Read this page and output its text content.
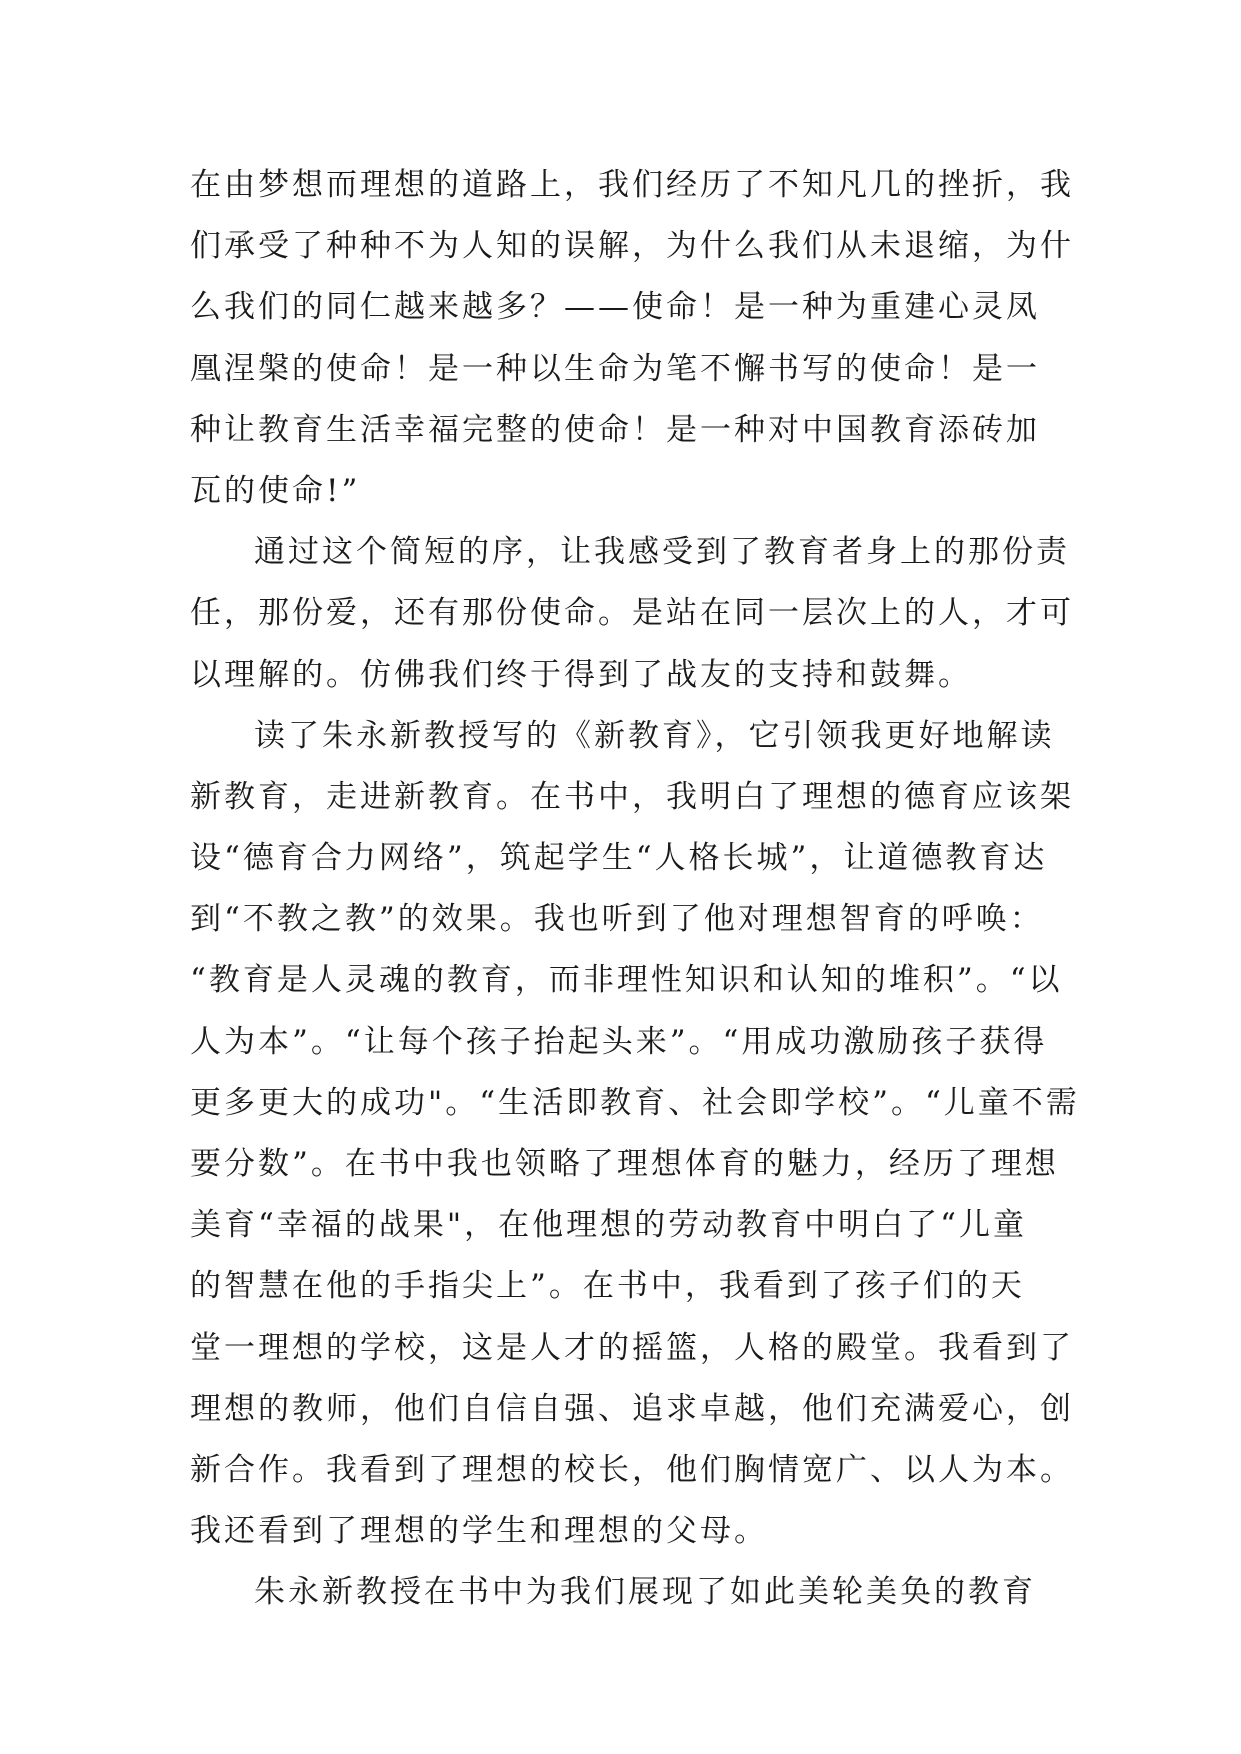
在由梦想而理想的道路上，我们经历了不知凡几的挫折，我
们承受了种种不为人知的误解，为什么我们从未退缩，为什
么我们的同仁越来越多？——使命！是一种为重建心灵凤
凰涅槃的使命！是一种以生命为笔不懈书写的使命！是一
种让教育生活幸福完整的使命！是一种对中国教育添砖加
瓦的使命!”
通过这个简短的序，让我感受到了教育者身上的那份责
任，那份爱，还有那份使命。是站在同一层次上的人，才可
以理解的。仿佛我们终于得到了战友的支持和鼓舞。
读了朱永新教授写的《新教育》，它引领我更好地解读
新教育，走进新教育。在书中，我明白了理想的德育应该架
设“德育合力网络”，筑起学生“人格长城”，让道德教育达
到“不教之教”的效果。我也听到了他对理想智育的呼唤：
“教育是人灵魂的教育，而非理性知识和认知的堆积”。“以
人为本”。“让每个孩子抬起头来”。“用成功激励孩子获得
更多更大的成功"。“生活即教育、社会即学校”。“儿童不需
要分数”。在书中我也领略了理想体育的魅力，经历了理想
美育“幸福的战果"，在他理想的劳动教育中明白了“儿童
的智慧在他的手指尖上”。在书中，我看到了孩子们的天
堂一理想的学校，这是人才的摇篮，人格的殿堂。我看到了
理想的教师，他们自信自强、追求卓越，他们充满爱心，创
新合作。我看到了理想的校长，他们胸情宽广、以人为本。
我还看到了理想的学生和理想的父母。
朱永新教授在书中为我们展现了如此美轮美奂的教育
